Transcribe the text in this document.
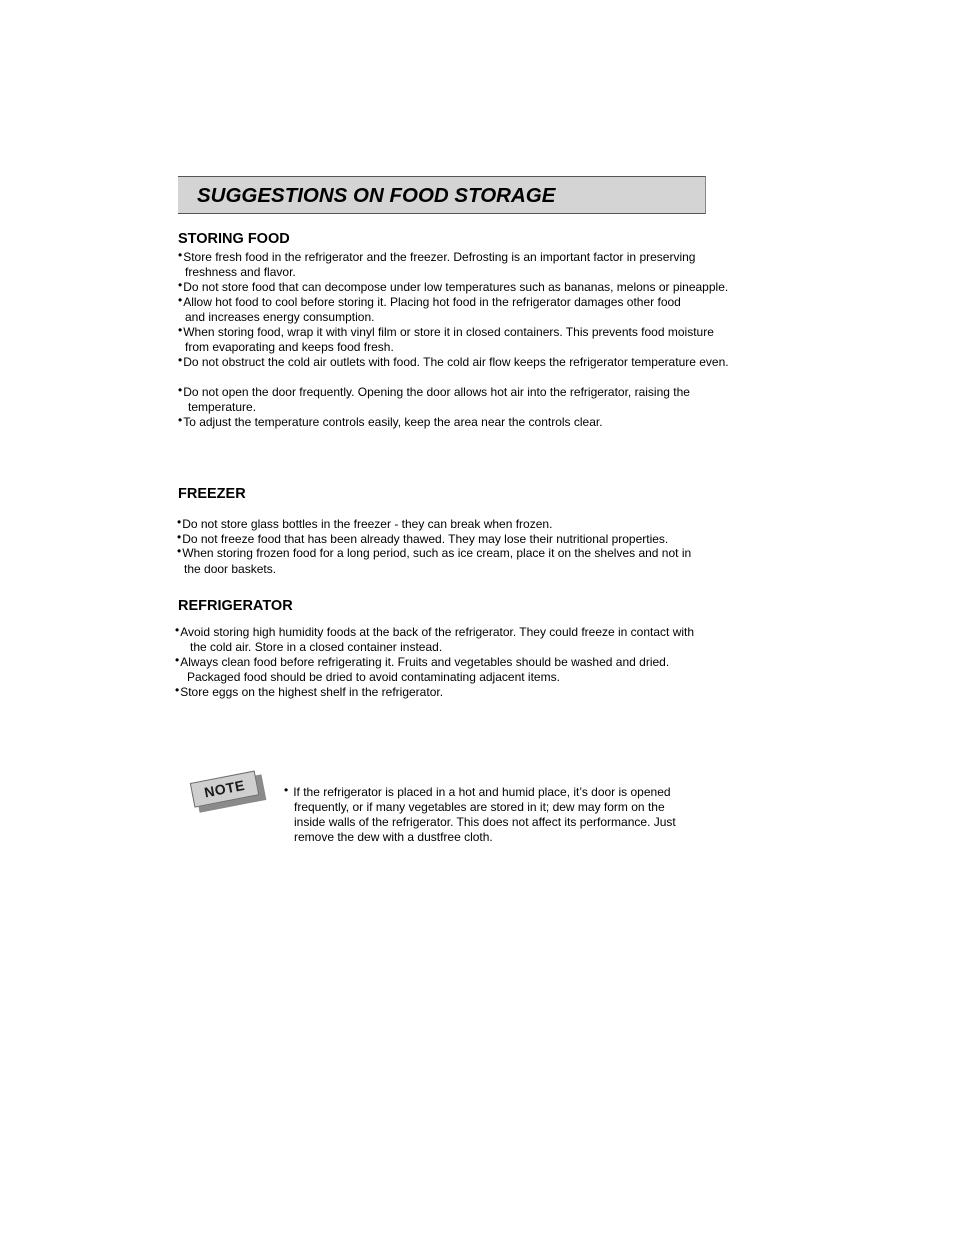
SUGGESTIONS ON FOOD STORAGE
STORING FOOD
•Store fresh food in the refrigerator and the freezer. Defrosting is an important factor in preserving
freshness and flavor.
•Do not store food that can decompose under low temperatures such as bananas, melons or pineapple.
•Allow hot food to cool before storing it. Placing hot food in the refrigerator damages other food
and increases energy consumption.
•When storing food, wrap it with vinyl film or store it in closed containers. This prevents food moisture
from evaporating and keeps food fresh.
•Do not obstruct the cold air outlets with food. The cold air flow keeps the refrigerator temperature even.
•Do not open the door frequently. Opening the door allows hot air into the refrigerator, raising the
temperature.
•To adjust the temperature controls easily, keep the area near the controls clear.
FREEZER
•Do not store glass bottles in the freezer - they can break when frozen.
•Do not freeze food that has been already thawed. They may lose their nutritional properties.
•When storing frozen food for a long period, such as ice cream, place it on the shelves and not in
the door baskets.
REFRIGERATOR
•Avoid storing high humidity foods at the back of the refrigerator. They could freeze in contact with
the cold air. Store in a closed container instead.
•Always clean food before refrigerating it. Fruits and vegetables should be washed and dried.
Packaged food should be dried to avoid contaminating adjacent items.
•Store eggs on the highest shelf in the refrigerator.
NOTE	• If the refrigerator is placed in a hot and humid place, it’s door is opened
frequently, or if many vegetables are stored in it; dew may form on the
inside walls of the refrigerator. This does not affect its performance. Just
remove the dew with a dustfree cloth.
